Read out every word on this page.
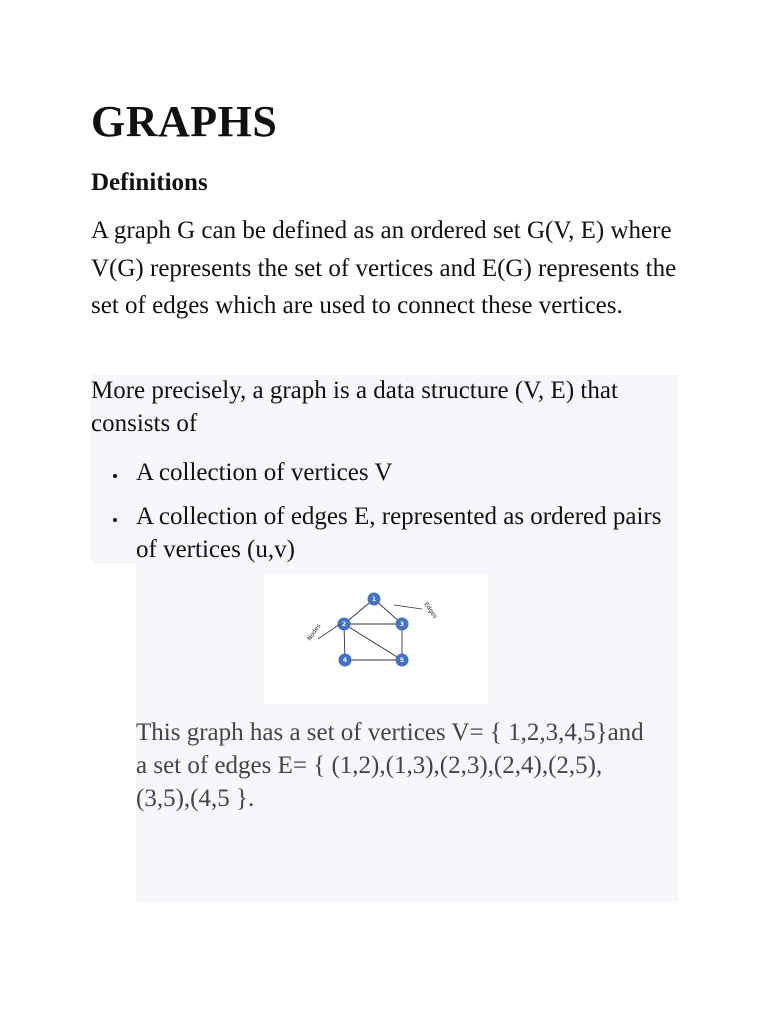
GRAPHS
Definitions

A graph G can be defined as an ordered set G(V, E) where V(G) represents the set of vertices and E(G) represents the set of edges which are used to connect these vertices.

More precisely, a graph is a data structure (V, E) that consists of

A collection of vertices V
A collection of edges E, represented as ordered pairs of vertices (u,v)
1
2	3
4	5
Edges
Nodes

This graph has a set of vertices V= { 1,2,3,4,5}and a set of edges E= { (1,2),(1,3),(2,3),(2,4),(2,5),(3,5),(4,5 }.
